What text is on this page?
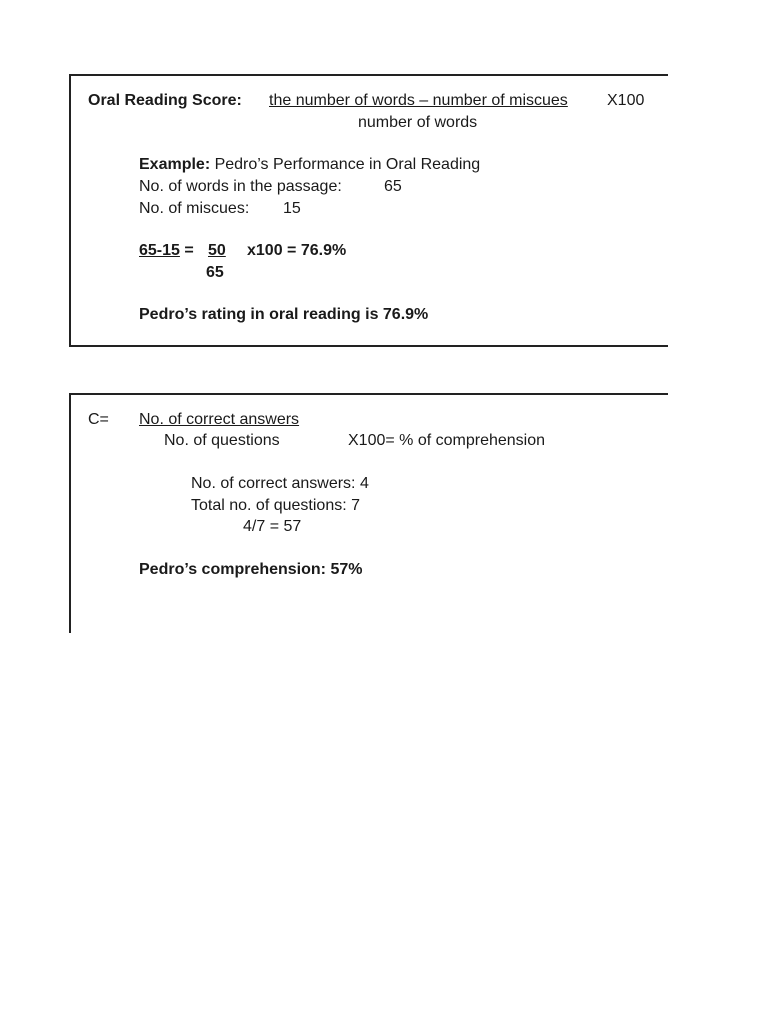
Oral Reading Score: the number of words – number of miscues X100
number of words
Example: Pedro’s Performance in Oral Reading
No. of words in the passage:	65
No. of miscues: 15
65-15 = 50 x100 = 76.9%
65
Pedro’s rating in oral reading is 76.9%
C= No. of correct answers
No. of questions	X100= % of comprehension
No. of correct answers: 4
Total no. of questions: 7
4/7 = 57
Pedro’s comprehension: 57%
